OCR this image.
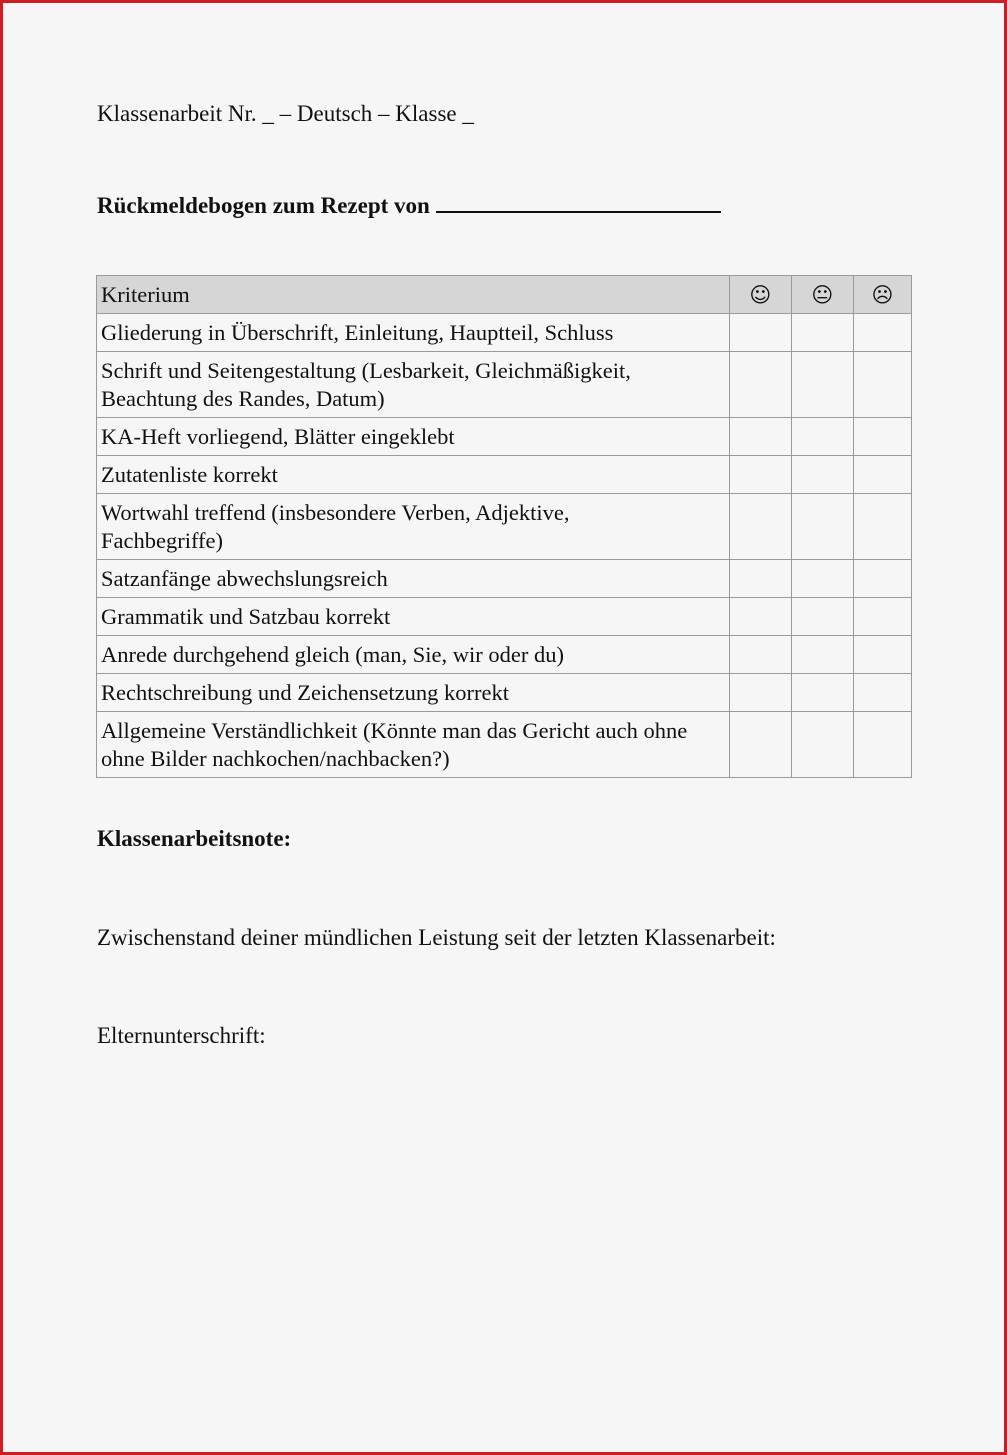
Klassenarbeit Nr. _ – Deutsch – Klasse _
Rückmeldebogen zum Rezept von
Kriterium	☺	😐	☹

Gliederung in Überschrift, Einleitung, Hauptteil, Schluss			

Schrift und Seitengestaltung (Lesbarkeit, Gleichmäßigkeit,
Beachtung des Randes, Datum)			

KA-Heft vorliegend, Blätter eingeklebt			

Zutatenliste korrekt			

Wortwahl treffend (insbesondere Verben, Adjektive,
Fachbegriffe)			

Satzanfänge abwechslungsreich			

Grammatik und Satzbau korrekt			

Anrede durchgehend gleich (man, Sie, wir oder du)			

Rechtschreibung und Zeichensetzung korrekt			

Allgemeine Verständlichkeit (Könnte man das Gericht auch ohne
ohne Bilder nachkochen/nachbacken?)			

Klassenarbeitsnote:
Zwischenstand deiner mündlichen Leistung seit der letzten Klassenarbeit:
Elternunterschrift:
